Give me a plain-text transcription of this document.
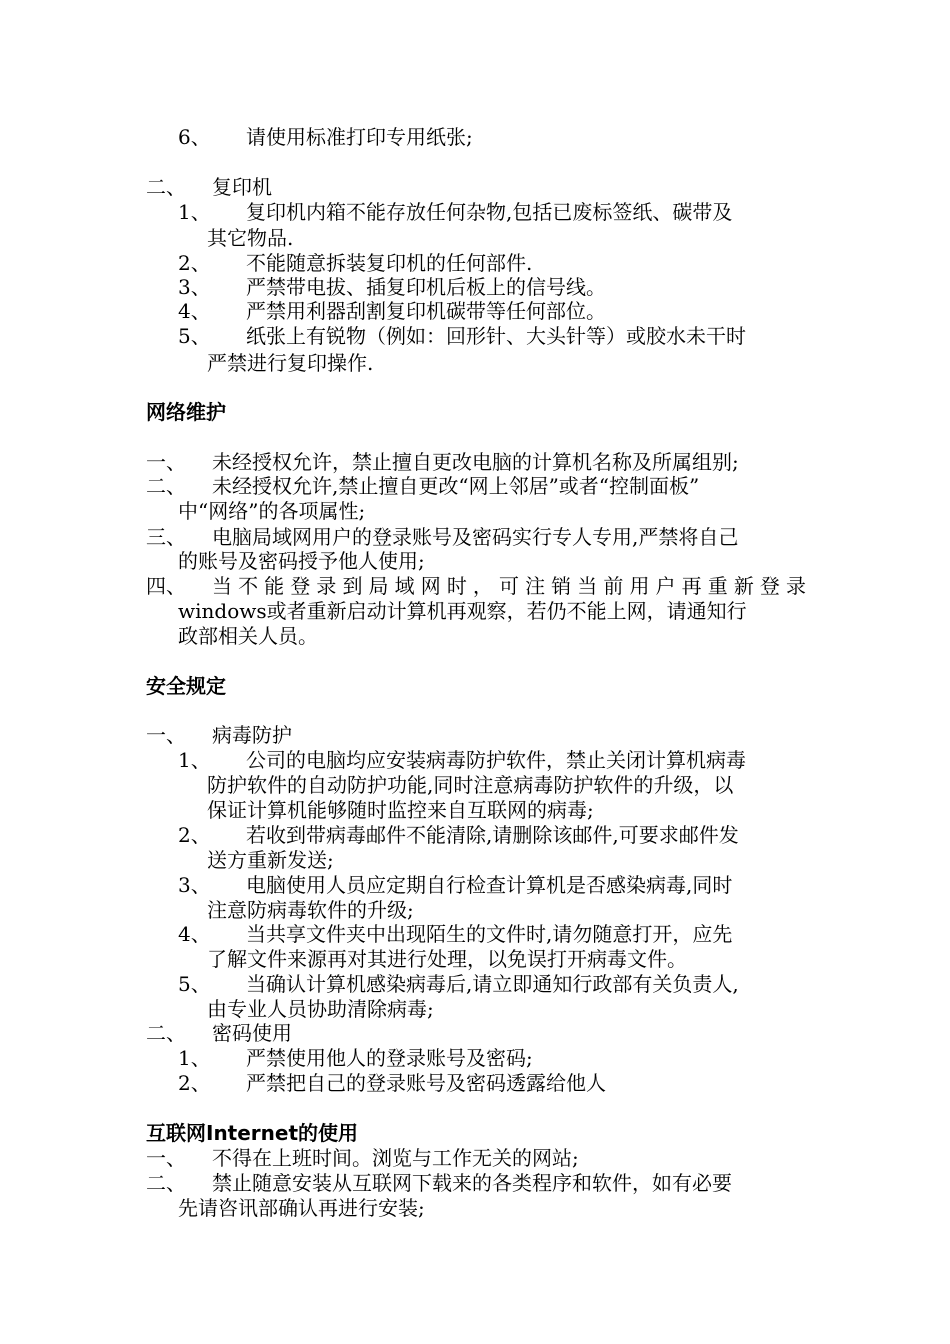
6、 请使用标准打印专用纸张;
二、 复印机
1、 复印机内箱不能存放任何杂物,包括已废标签纸、碳带及
其它物品.
2、 不能随意拆装复印机的任何部件.
3、 严禁带电拔、插复印机后板上的信号线。
4、 严禁用利器刮割复印机碳带等任何部位。
5、 纸张上有锐物（例如：回形针、大头针等）或胶水未干时
严禁进行复印操作.
网络维护
一、 未经授权允许，禁止擅自更改电脑的计算机名称及所属组别;
二、 未经授权允许,禁止擅自更改“网上邻居”或者“控制面板”
中“网络”的各项属性;
三、 电脑局域网用户的登录账号及密码实行专人专用,严禁将自己
的账号及密码授予他人使用;
四、 当不能登录到局域网时，可注销当前用户再重新登录
windows或者重新启动计算机再观察，若仍不能上网，请通知行
政部相关人员。
安全规定
一、 病毒防护
1、 公司的电脑均应安装病毒防护软件，禁止关闭计算机病毒
防护软件的自动防护功能,同时注意病毒防护软件的升级，以
保证计算机能够随时监控来自互联网的病毒;
2、 若收到带病毒邮件不能清除,请删除该邮件,可要求邮件发
送方重新发送;
3、 电脑使用人员应定期自行检查计算机是否感染病毒,同时
注意防病毒软件的升级;
4、 当共享文件夹中出现陌生的文件时,请勿随意打开，应先
了解文件来源再对其进行处理，以免误打开病毒文件。
5、 当确认计算机感染病毒后,请立即通知行政部有关负责人,
由专业人员协助清除病毒;
二、 密码使用
1、 严禁使用他人的登录账号及密码;
2、 严禁把自己的登录账号及密码透露给他人
互联网Internet的使用
一、 不得在上班时间。浏览与工作无关的网站;
二、 禁止随意安装从互联网下载来的各类程序和软件，如有必要
先请咨讯部确认再进行安装;
